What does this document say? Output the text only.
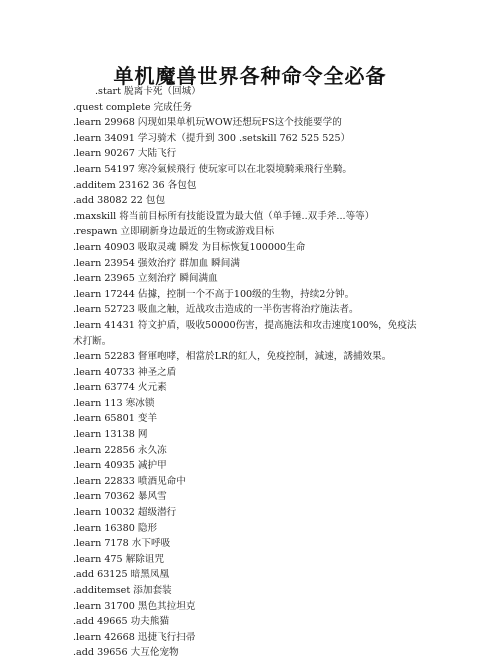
单机魔兽世界各种命令全必备
.start 脱离卡死（回城）
.quest complete 完成任务
.learn 29968 闪现如果单机玩WOW还想玩FS这个技能要学的
.learn 34091 学习骑术（提升到 300 .setskill 762 525 525）
.learn 90267 大陆飞行
.learn 54197 寒冷氣候飛行 使玩家可以在北裂境騎乘飛行坐騎。
.additem 23162 36 各包包
.add 38082 22 包包
.maxskill 将当前目标所有技能设置为最大值（单手锤..双手斧...等等）
.respawn 立即刷新身边最近的生物或游戏目标
.learn 40903 吸取灵魂 瞬发 为目标恢复100000生命
.learn 23954 强效治疗 群加血 瞬间满
.learn 23965 立刻治疗 瞬间满血
.learn 17244 佔據，控制一个不高于100级的生物，持续2分钟。
.learn 52723 吸血之触，近战攻击造成的一半伤害将治疗施法者。
.learn 41431 符文护盾，吸收50000伤害，提高施法和攻击速度100%，免疫法
术打断。
.learn 52283 督軍咆哮，相當於LR的紅人，免疫控制，減速，誘捕效果。
.learn 40733 神圣之盾
.learn 63774 火元素
.learn 113 寒冰锁
.learn 65801 变羊
.learn 13138 网
.learn 22856 永久冻
.learn 40935 减护甲
.learn 22833 喷酒见命中
.learn 70362 暴风雪
.learn 10032 超级潜行
.learn 16380 隐形
.learn 7178 水下呼吸
.learn 475 解除诅咒
.add 63125 暗黑凤凰
.additemset 添加套装
.learn 31700 黑色其拉坦克
.add 49665 功夫熊猫
.learn 42668 迅捷飞行扫帚
.add 39656 大互伦宠物
